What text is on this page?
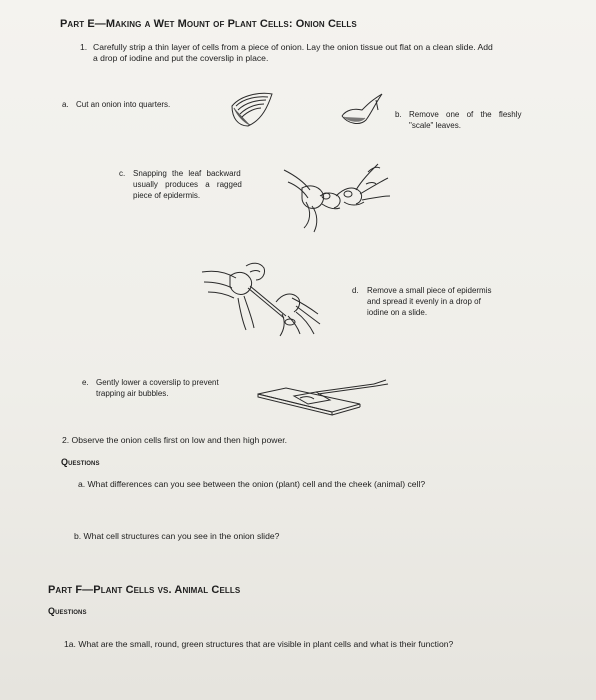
Part E—Making a Wet Mount of Plant Cells: Onion Cells
1. Carefully strip a thin layer of cells from a piece of onion. Lay the onion tissue out flat on a clean slide. Add
a drop of iodine and put the coverslip in place.
a. Cut an onion into quarters.
b. Remove one of the fleshly
"scale" leaves.
c. Snapping the leaf backward
usually produces a ragged
piece of epidermis.
d. Remove a small piece of epidermis
and spread it evenly in a drop of
iodine on a slide.
e. Gently lower a coverslip to prevent
trapping air bubbles.
2. Observe the onion cells first on low and then high power.
Questions
a. What differences can you see between the onion (plant) cell and the cheek (animal) cell?
b. What cell structures can you see in the onion slide?
Part F—Plant Cells vs. Animal Cells
Questions
1a. What are the small, round, green structures that are visible in plant cells and what is their function?
